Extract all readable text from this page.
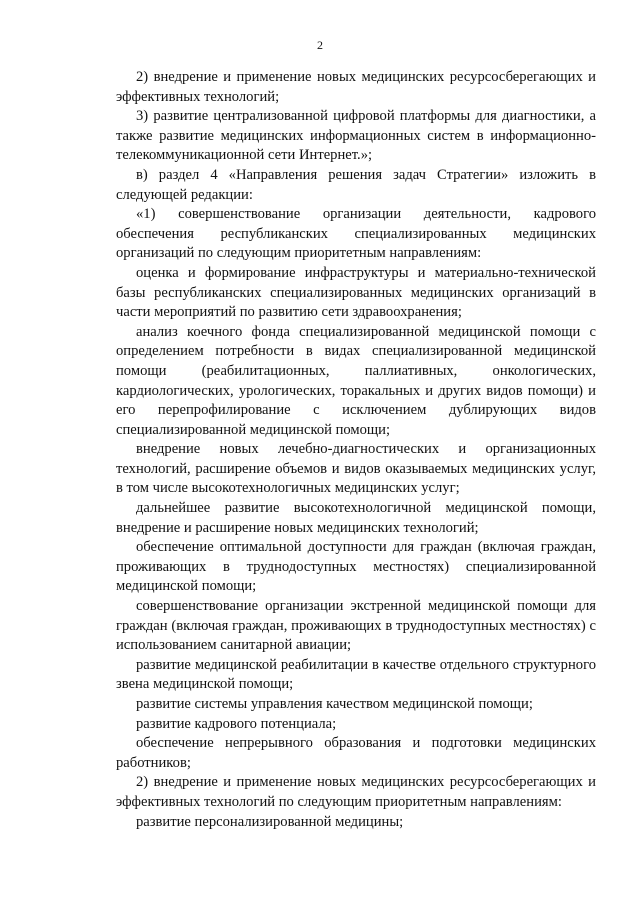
2

2) внедрение и применение новых медицинских ресурсосберегающих и эффективных технологий;

3) развитие централизованной цифровой платформы для диагностики, а также развитие медицинских информационных систем в информационно-телекоммуникационной сети Интернет.»;

в) раздел 4 «Направления решения задач Стратегии» изложить в следующей редакции:

«1) совершенствование организации деятельности, кадрового обеспечения республиканских специализированных медицинских организаций по следующим приоритетным направлениям:

оценка и формирование инфраструктуры и материально-технической базы республиканских специализированных медицинских организаций в части мероприятий по развитию сети здравоохранения;

анализ коечного фонда специализированной медицинской помощи с определением потребности в видах специализированной медицинской помощи (реабилитационных, паллиативных, онкологических, кардиологических, урологических, торакальных и других видов помощи) и его перепрофилирование с исключением дублирующих видов специализированной медицинской помощи;

внедрение новых лечебно-диагностических и организационных технологий, расширение объемов и видов оказываемых медицинских услуг, в том числе высокотехнологичных медицинских услуг;

дальнейшее развитие высокотехнологичной медицинской помощи, внедрение и расширение новых медицинских технологий;

обеспечение оптимальной доступности для граждан (включая граждан, проживающих в труднодоступных местностях) специализированной медицинской помощи;

совершенствование организации экстренной медицинской помощи для граждан (включая граждан, проживающих в труднодоступных местностях) с использованием санитарной авиации;

развитие медицинской реабилитации в качестве отдельного структурного звена медицинской помощи;

развитие системы управления качеством медицинской помощи;

развитие кадрового потенциала;

обеспечение непрерывного образования и подготовки медицинских работников;

2) внедрение и применение новых медицинских ресурсосберегающих и эффективных технологий по следующим приоритетным направлениям:

развитие персонализированной медицины;
